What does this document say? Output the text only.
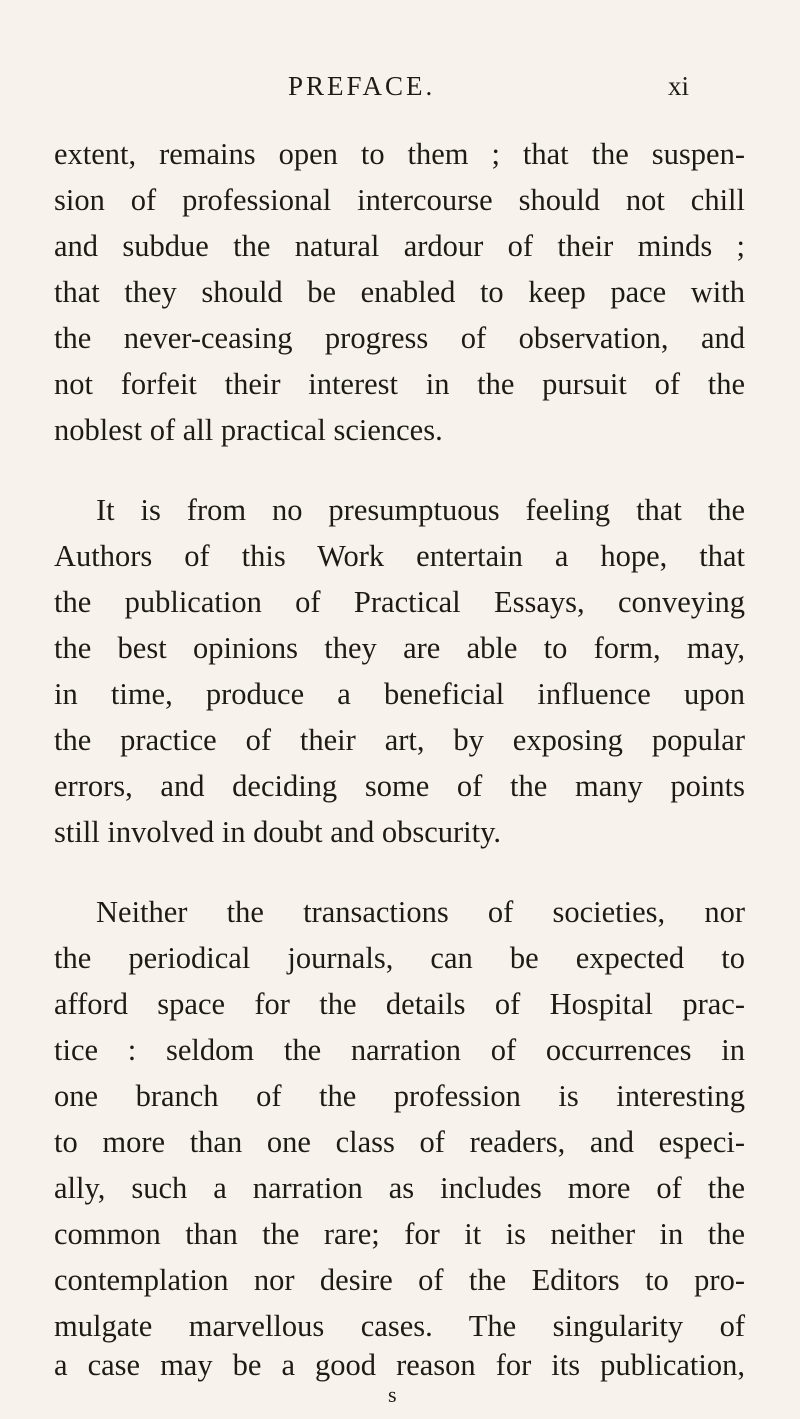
PREFACE.	xi
extent, remains open to them ; that the suspen-
sion of professional intercourse should not chill
and subdue the natural ardour of their minds ;
that they should be enabled to keep pace with
the never-ceasing progress of observation, and
not forfeit their interest in the pursuit of the
noblest of all practical sciences.
It is from no presumptuous feeling that the
Authors of this Work entertain a hope, that
the publication of Practical Essays, conveying
the best opinions they are able to form, may,
in time, produce a beneficial influence upon
the practice of their art, by exposing popular
errors, and deciding some of the many points
still involved in doubt and obscurity.
Neither the transactions of societies, nor
the periodical journals, can be expected to
afford space for the details of Hospital prac-
tice : seldom the narration of occurrences in
one branch of the profession is interesting
to more than one class of readers, and especi-
ally, such a narration as includes more of the
common than the rare; for it is neither in the
contemplation nor desire of the Editors to pro-
mulgate marvellous cases. The singularity of
a case may be a good reason for its publication,
s
